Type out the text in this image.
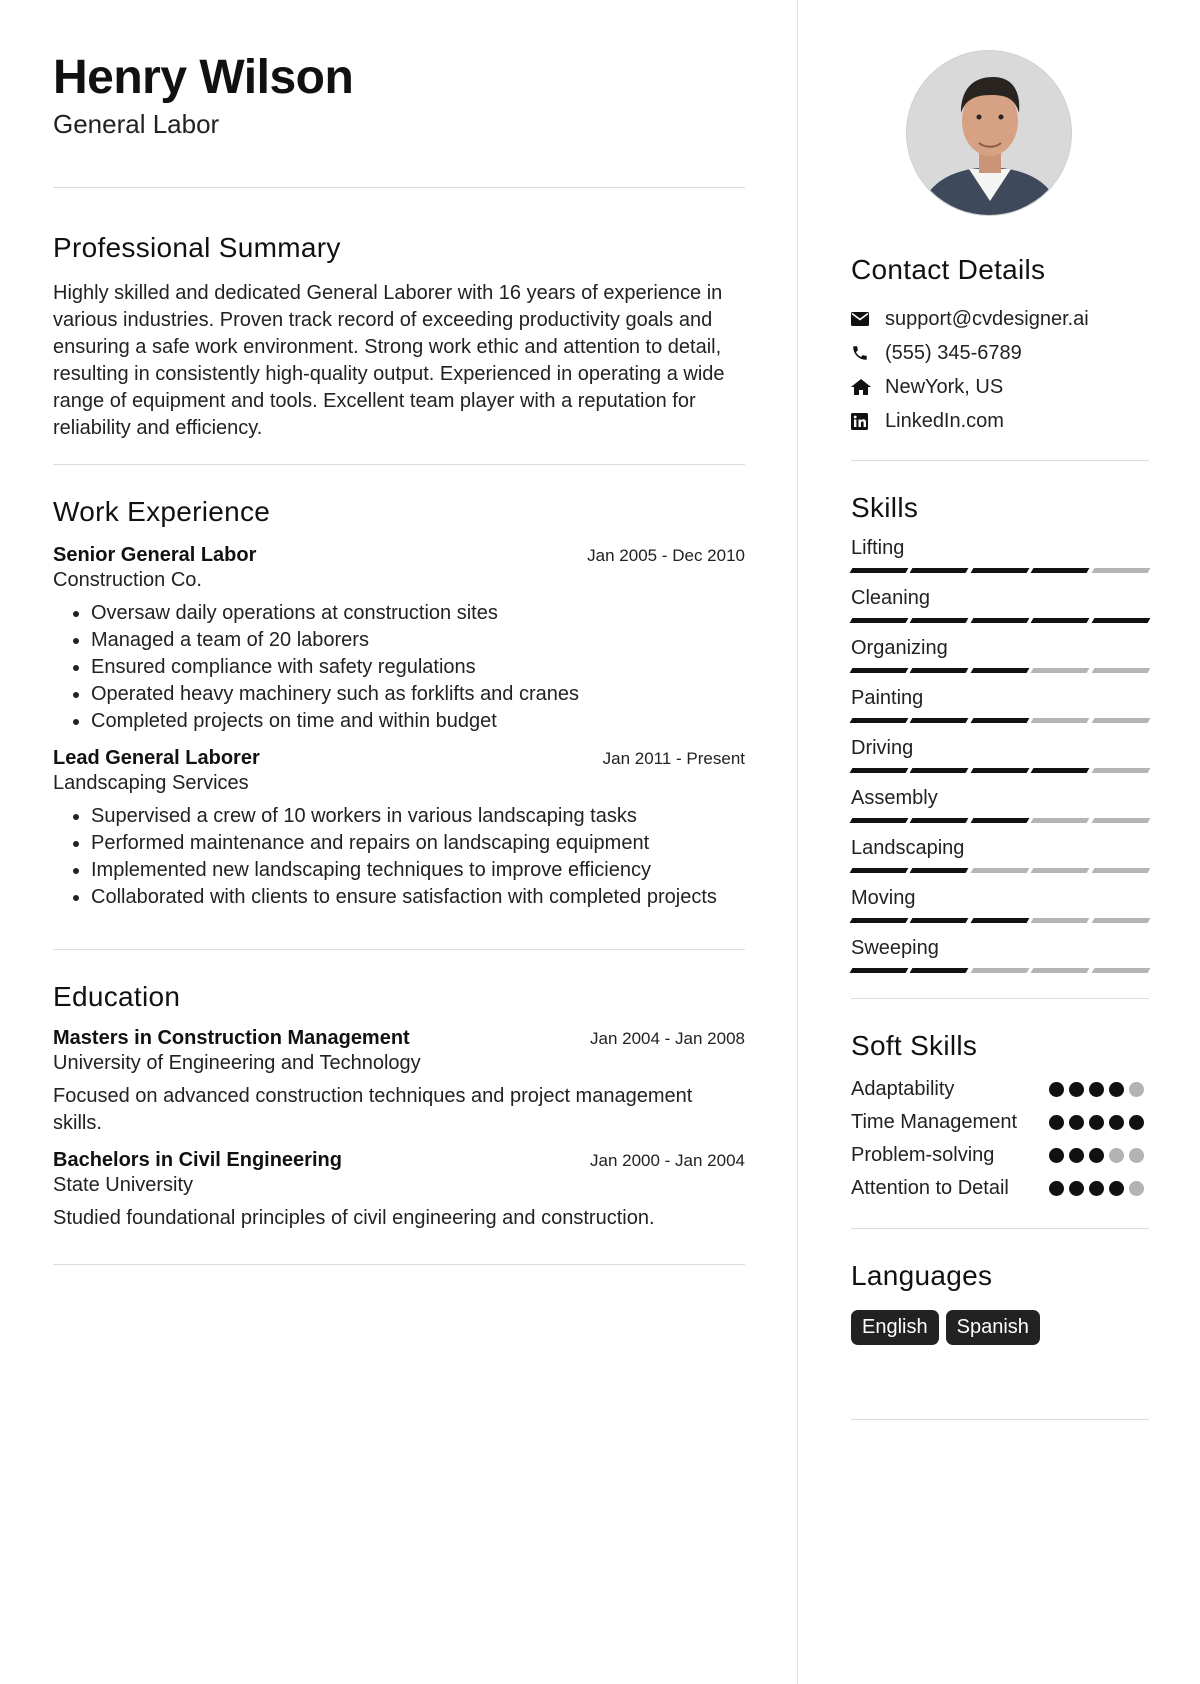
Henry Wilson
General Labor
Professional Summary

Highly skilled and dedicated General Laborer with 16 years of experience in various industries. Proven track record of exceeding productivity goals and ensuring a safe work environment. Strong work ethic and attention to detail, resulting in consistently high-quality output. Experienced in operating a wide range of equipment and tools. Excellent team player with a reputation for reliability and efficiency.

Work Experience
Senior General Labor	Jan 2005 - Dec 2010
Construction Co.
• Oversaw daily operations at construction sites
• Managed a team of 20 laborers
• Ensured compliance with safety regulations
• Operated heavy machinery such as forklifts and cranes
• Completed projects on time and within budget
Lead General Laborer	Jan 2011 - Present
Landscaping Services
• Supervised a crew of 10 workers in various landscaping tasks
• Performed maintenance and repairs on landscaping equipment
• Implemented new landscaping techniques to improve efficiency
• Collaborated with clients to ensure satisfaction with completed projects
Education
Masters in Construction Management	Jan 2004 - Jan 2008
University of Engineering and Technology

Focused on advanced construction techniques and project management skills.

Bachelors in Civil Engineering	Jan 2000 - Jan 2004
State University

Studied foundational principles of civil engineering and construction.

Contact Details
support@cvdesigner.ai
(555) 345-6789
NewYork, US
LinkedIn.com
Skills
Lifting
Cleaning
Organizing
Painting
Driving
Assembly
Landscaping
Moving
Sweeping
Soft Skills
Adaptability
Time Management
Problem-solving
Attention to Detail
Languages
English	Spanish
